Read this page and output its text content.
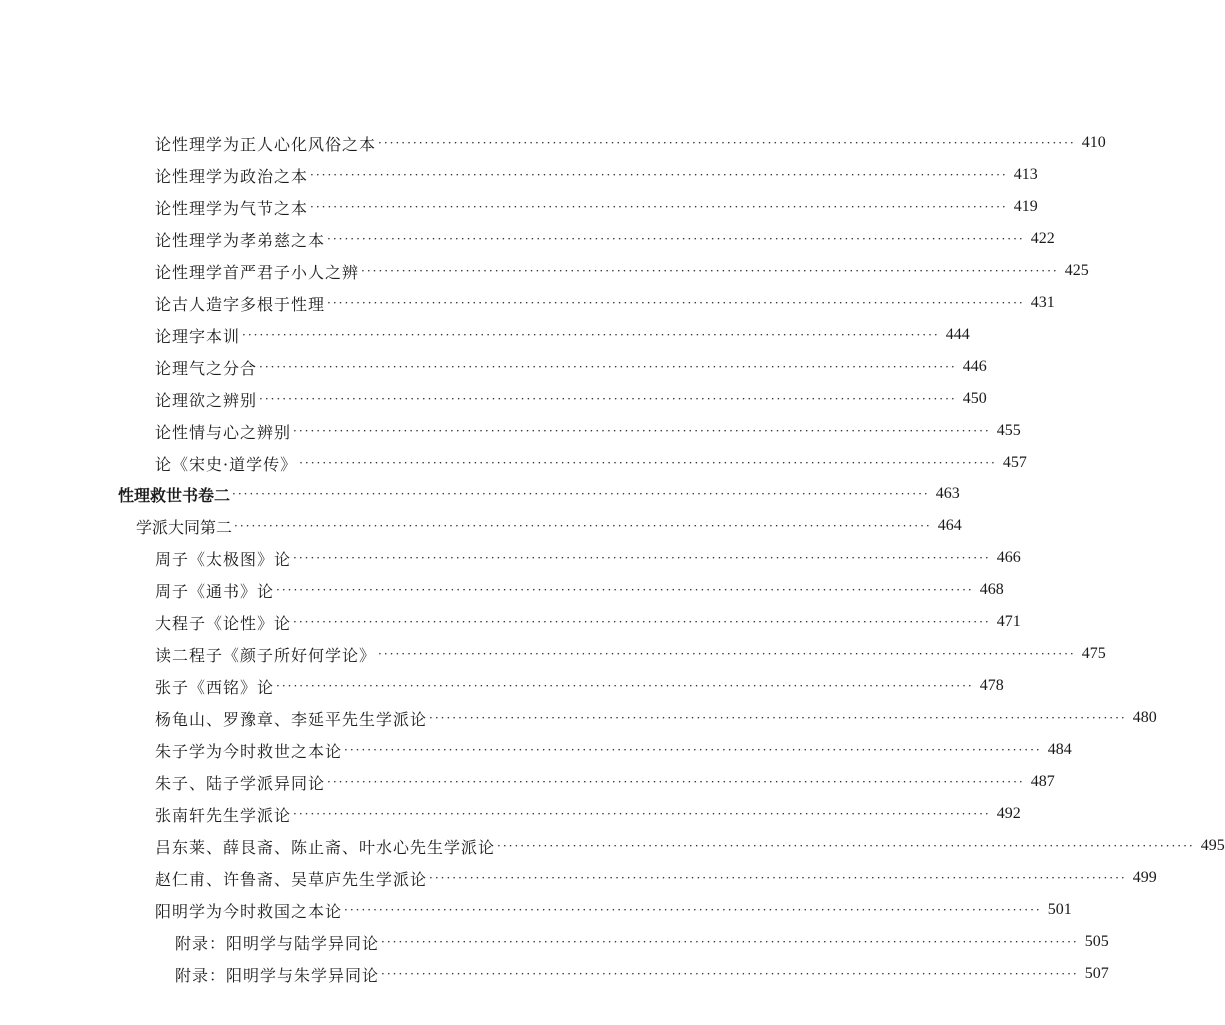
论性理学为正人心化风俗之本 ························································································································ 410
论性理学为政治之本 ························································································································ 413
论性理学为气节之本 ························································································································ 419
论性理学为孝弟慈之本 ························································································································ 422
论性理学首严君子小人之辨 ························································································································ 425
论古人造字多根于性理 ························································································································ 431
论理字本训 ························································································································ 444
论理气之分合 ························································································································ 446
论理欲之辨别 ························································································································ 450
论性情与心之辨别 ························································································································ 455
论《宋史·道学传》 ························································································································ 457
性理救世书卷二 ························································································································ 463
学派大同第二 ························································································································ 464
周子《太极图》论 ························································································································ 466
周子《通书》论 ························································································································ 468
大程子《论性》论 ························································································································ 471
读二程子《颜子所好何学论》 ························································································································ 475
张子《西铭》论 ························································································································ 478
杨龟山、罗豫章、李延平先生学派论 ························································································································ 480
朱子学为今时救世之本论 ························································································································ 484
朱子、陆子学派异同论 ························································································································ 487
张南轩先生学派论 ························································································································ 492
吕东莱、薛艮斋、陈止斋、叶水心先生学派论 ························································································································ 495
赵仁甫、许鲁斋、吴草庐先生学派论 ························································································································ 499
阳明学为今时救国之本论 ························································································································ 501
附录：阳明学与陆学异同论 ························································································································ 505
附录：阳明学与朱学异同论 ························································································································ 507
